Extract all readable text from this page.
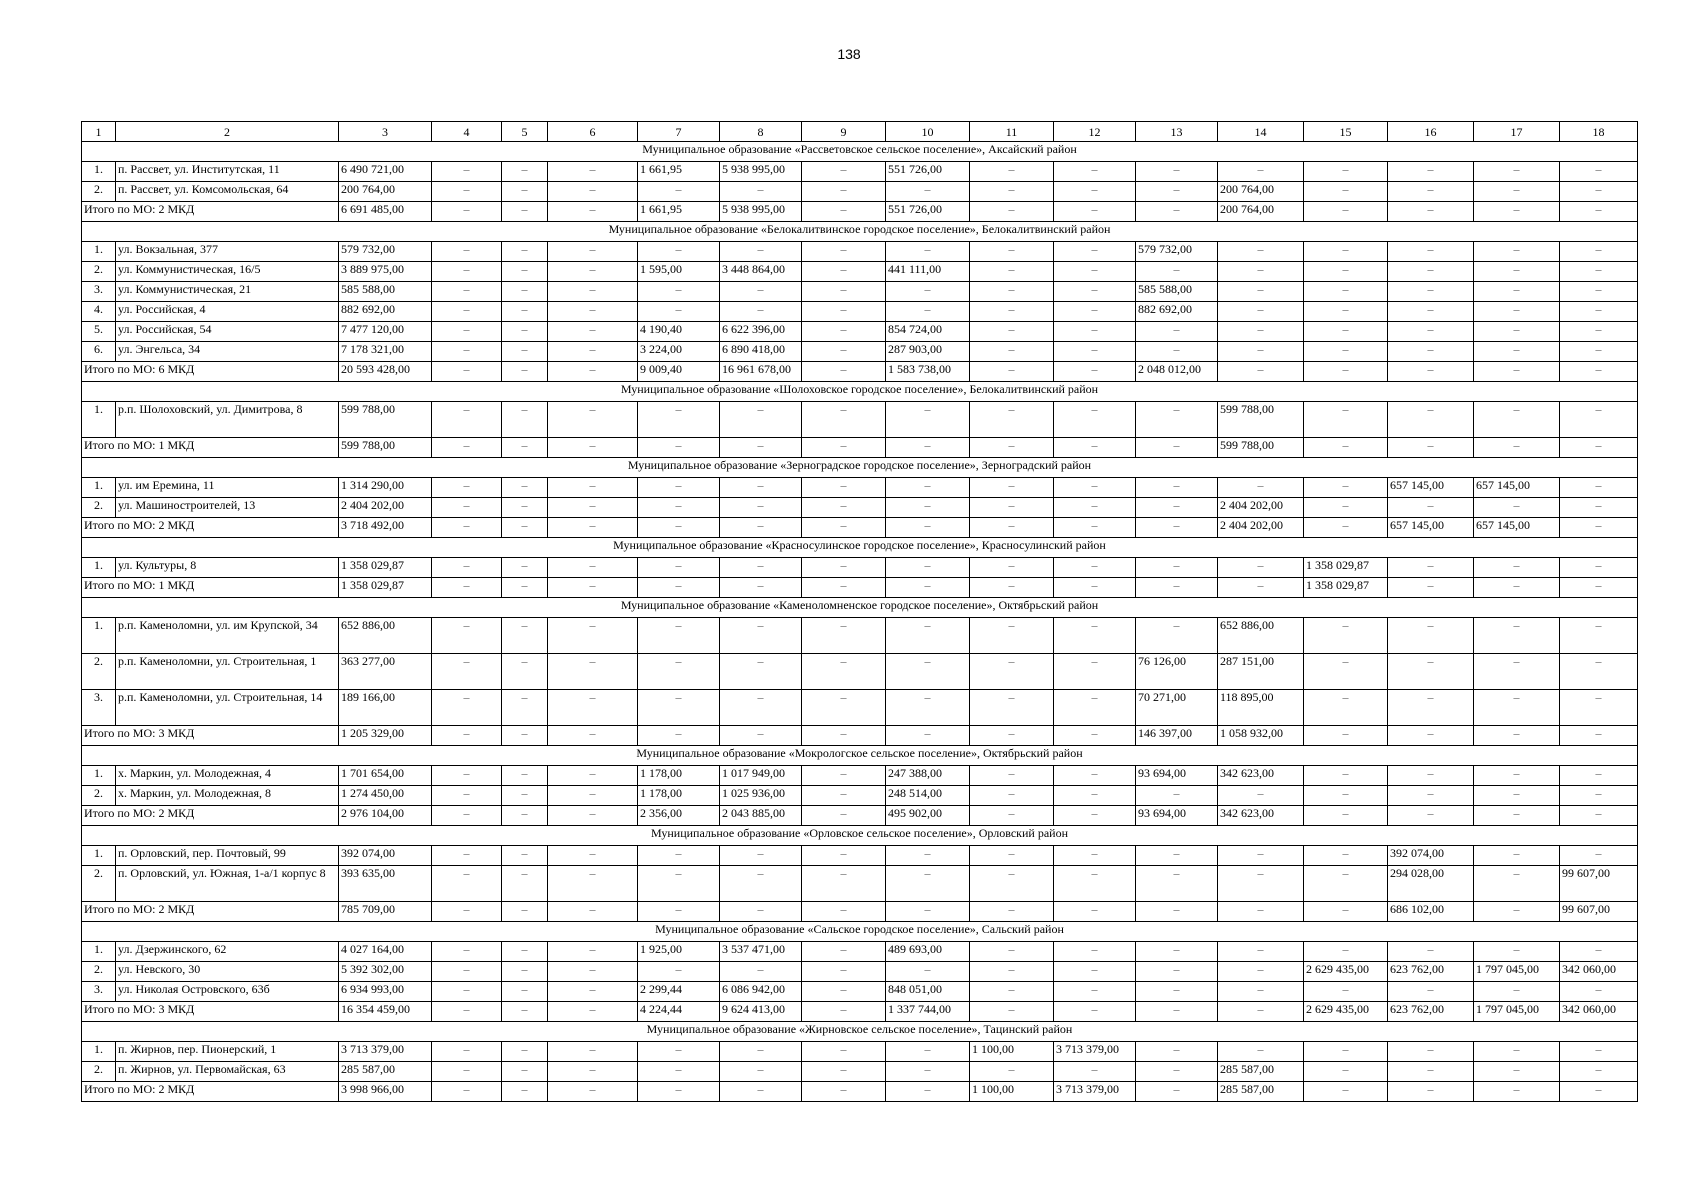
138
1	2	3	4	5	6	7	8	9	10	11	12	13	14	15	16	17	18
Муниципальное образование «Рассветовское сельское поселение», Аксайский район																	
1.	п. Рассвет, ул. Институтская, 11	6 490 721,00	–	–	–	1 661,95	5 938 995,00	–	551 726,00	–	–	–	–	–	–	–	–
2.	п. Рассвет, ул. Комсомольская, 64	200 764,00	–	–	–	–	–	–	–	–	–	–	200 764,00	–	–	–	–
Итого по МО: 2 МКД		6 691 485,00	–	–	–	1 661,95	5 938 995,00	–	551 726,00	–	–	–	200 764,00	–	–	–	–
Муниципальное образование «Белокалитвинское городское поселение», Белокалитвинский район																	
1.	ул. Вокзальная, 377	579 732,00	–	–	–	–	–	–	–	–	–	579 732,00	–	–	–	–	–
2.	ул. Коммунистическая, 16/5	3 889 975,00	–	–	–	1 595,00	3 448 864,00	–	441 111,00	–	–	–	–	–	–	–	–
3.	ул. Коммунистическая, 21	585 588,00	–	–	–	–	–	–	–	–	–	585 588,00	–	–	–	–	–
4.	ул. Российская, 4	882 692,00	–	–	–	–	–	–	–	–	–	882 692,00	–	–	–	–	–
5.	ул. Российская, 54	7 477 120,00	–	–	–	4 190,40	6 622 396,00	–	854 724,00	–	–	–	–	–	–	–	–
6.	ул. Энгельса, 34	7 178 321,00	–	–	–	3 224,00	6 890 418,00	–	287 903,00	–	–	–	–	–	–	–	–
Итого по МО: 6 МКД		20 593 428,00	–	–	–	9 009,40	16 961 678,00	–	1 583 738,00	–	–	2 048 012,00	–	–	–	–	–
Муниципальное образование «Шолоховское городское поселение», Белокалитвинский район																	
1.	р.п. Шолоховский, ул. Димитрова, 8	599 788,00	–	–	–	–	–	–	–	–	–	–	599 788,00	–	–	–	–
Итого по МО: 1 МКД		599 788,00	–	–	–	–	–	–	–	–	–	–	599 788,00	–	–	–	–
Муниципальное образование «Зерноградское городское поселение», Зерноградский район																	
1.	ул. им Еремина, 11	1 314 290,00	–	–	–	–	–	–	–	–	–	–	–	–	657 145,00	657 145,00	–
2.	ул. Машиностроителей, 13	2 404 202,00	–	–	–	–	–	–	–	–	–	–	2 404 202,00	–	–	–	–
Итого по МО: 2 МКД		3 718 492,00	–	–	–	–	–	–	–	–	–	–	2 404 202,00	–	657 145,00	657 145,00	–
Муниципальное образование «Красносулинское городское поселение», Красносулинский район																	
1.	ул. Культуры, 8	1 358 029,87	–	–	–	–	–	–	–	–	–	–	–	1 358 029,87	–	–	–
Итого по МО: 1 МКД		1 358 029,87	–	–	–	–	–	–	–	–	–	–	–	1 358 029,87	–	–	–
Муниципальное образование «Каменоломненское городское поселение», Октябрьский район																	
1.	р.п. Каменоломни, ул. им Крупской, 34	652 886,00	–	–	–	–	–	–	–	–	–	–	652 886,00	–	–	–	–
2.	р.п. Каменоломни, ул. Строительная, 1	363 277,00	–	–	–	–	–	–	–	–	–	76 126,00	287 151,00	–	–	–	–
3.	р.п. Каменоломни, ул. Строительная, 14	189 166,00	–	–	–	–	–	–	–	–	–	70 271,00	118 895,00	–	–	–	–
Итого по МО: 3 МКД		1 205 329,00	–	–	–	–	–	–	–	–	–	146 397,00	1 058 932,00	–	–	–	–
Муниципальное образование «Мокрологское сельское поселение», Октябрьский район																	
1.	х. Маркин, ул. Молодежная, 4	1 701 654,00	–	–	–	1 178,00	1 017 949,00	–	247 388,00	–	–	93 694,00	342 623,00	–	–	–	–
2.	х. Маркин, ул. Молодежная, 8	1 274 450,00	–	–	–	1 178,00	1 025 936,00	–	248 514,00	–	–	–	–	–	–	–	–
Итого по МО: 2 МКД		2 976 104,00	–	–	–	2 356,00	2 043 885,00	–	495 902,00	–	–	93 694,00	342 623,00	–	–	–	–
Муниципальное образование «Орловское сельское поселение», Орловский район																	
1.	п. Орловский, пер. Почтовый, 99	392 074,00	–	–	–	–	–	–	–	–	–	–	–	–	392 074,00	–	–
2.	п. Орловский, ул. Южная, 1-а/1 корпус 8	393 635,00	–	–	–	–	–	–	–	–	–	–	–	–	294 028,00	–	99 607,00
Итого по МО: 2 МКД		785 709,00	–	–	–	–	–	–	–	–	–	–	–	–	686 102,00	–	99 607,00
Муниципальное образование «Сальское городское поселение», Сальский район																	
1.	ул. Дзержинского, 62	4 027 164,00	–	–	–	1 925,00	3 537 471,00	–	489 693,00	–	–	–	–	–	–	–	–
2.	ул. Невского, 30	5 392 302,00	–	–	–	–	–	–	–	–	–	–	–	2 629 435,00	623 762,00	1 797 045,00	342 060,00
3.	ул. Николая Островского, 63б	6 934 993,00	–	–	–	2 299,44	6 086 942,00	–	848 051,00	–	–	–	–	–	–	–	–
Итого по МО: 3 МКД		16 354 459,00	–	–	–	4 224,44	9 624 413,00	–	1 337 744,00	–	–	–	–	2 629 435,00	623 762,00	1 797 045,00	342 060,00
Муниципальное образование «Жирновское сельское поселение», Тацинский район																	
1.	п. Жирнов, пер. Пионерский, 1	3 713 379,00	–	–	–	–	–	–	–	1 100,00	3 713 379,00	–	–	–	–	–	–
2.	п. Жирнов, ул. Первомайская, 63	285 587,00	–	–	–	–	–	–	–	–	–	–	285 587,00	–	–	–	–
Итого по МО: 2 МКД		3 998 966,00	–	–	–	–	–	–	–	1 100,00	3 713 379,00	–	285 587,00	–	–	–	–
